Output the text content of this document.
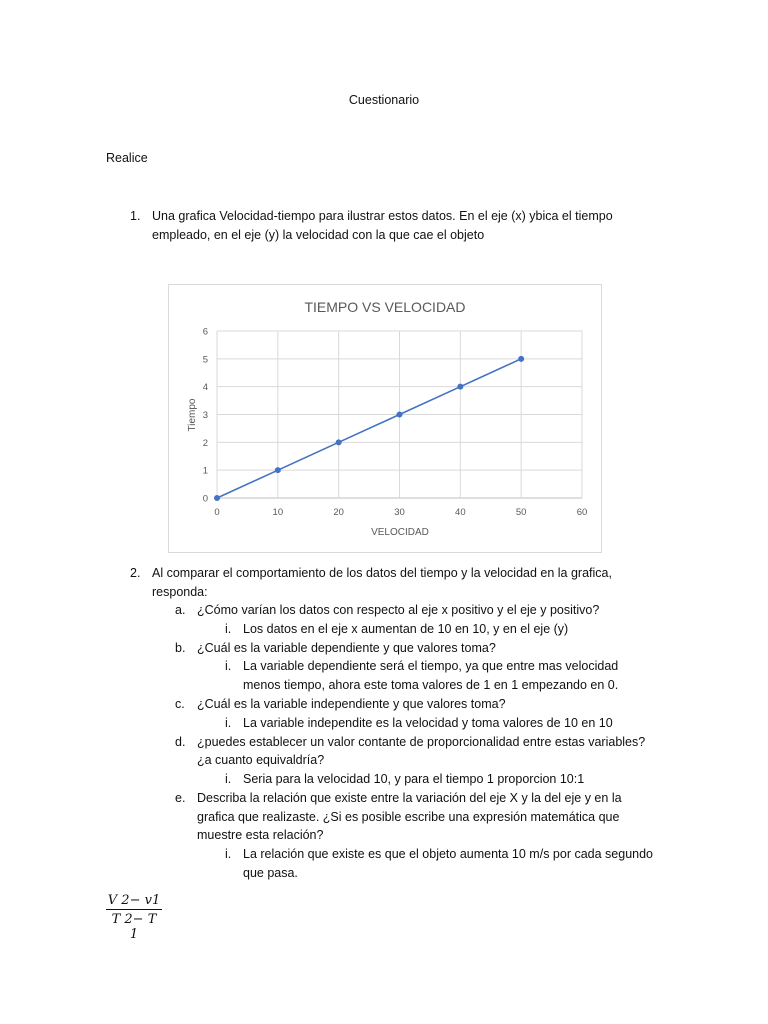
Cuestionario
Realice
1. Una grafica Velocidad-tiempo para ilustrar estos datos. En el eje (x) ybica el tiempo
empleado, en el eje (y) la velocidad con la que cae el objeto
TIEMPO VS VELOCIDAD
0
1
2
3
4
5
6
0	10	20	30	40	50	60
VELOCIDAD
Tiempo
2. Al comparar el comportamiento de los datos del tiempo y la velocidad en la grafica,
responda:
a. ¿Cómo varían los datos con respecto al eje x positivo y el eje y positivo?
i. Los datos en el eje x aumentan de 10 en 10, y en el eje (y)
b. ¿Cuál es la variable dependiente y que valores toma?
i. La variable dependiente será el tiempo, ya que entre mas velocidad
menos tiempo, ahora este toma valores de 1 en 1 empezando en 0.
c. ¿Cuál es la variable independiente y que valores toma?
i. La variable independite es la velocidad y toma valores de 10 en 10
d. ¿puedes establecer un valor contante de proporcionalidad entre estas variables?
¿a cuanto equivaldría?
i. Seria para la velocidad 10, y para el tiempo 1 proporcion 10:1
e. Describa la relación que existe entre la variación del eje X y la del eje y en la
grafica que realizaste. ¿Si es posible escribe una expresión matemática que
muestre esta relación?
i. La relación que existe es que el objeto aumenta 10 m/s por cada segundo
que pasa.
V 2− v1
T 2− T 1
